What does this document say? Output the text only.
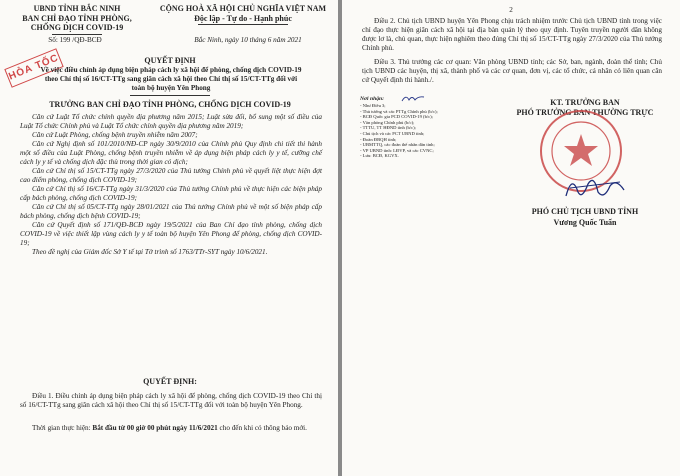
UBND TỈNH BẮC NINH
BAN CHỈ ĐẠO TỈNH PHÒNG,
CHỐNG DỊCH COVID-19
Số: 199 /QĐ-BCĐ
CỘNG HOÀ XÃ HỘI CHỦ NGHĨA VIỆT NAM
Độc lập - Tự do - Hạnh phúc
Bắc Ninh, ngày 10 tháng 6 năm 2021
HỎA TỐC	QUYẾT ĐỊNH
Về việc điều chỉnh áp dụng biện pháp cách ly xã hội để phòng, chống dịch COVID-19 theo Chỉ thị số 16/CT-TTg sang giãn cách xã hội theo Chỉ thị số 15/CT-TTg đối với toàn bộ huyện Yên Phong
TRƯỞNG BAN CHỈ ĐẠO TỈNH PHÒNG, CHỐNG DỊCH COVID-19
Căn cứ Luật Tổ chức chính quyền địa phương năm 2015; Luật sửa đổi, bổ sung một số điều của Luật Tổ chức Chính phủ và Luật Tổ chức chính quyền địa phương năm 2019;
Căn cứ Luật Phòng, chống bệnh truyền nhiễm năm 2007;
Căn cứ Nghị định số 101/2010/NĐ-CP ngày 30/9/2010 của Chính phủ Quy định chi tiết thi hành một số điều của Luật Phòng, chống bệnh truyền nhiễm về áp dụng biện pháp cách ly y tế, cưỡng chế cách ly y tế và chống dịch đặc thù trong thời gian có dịch;
Căn cứ Chỉ thị số 15/CT-TTg ngày 27/3/2020 của Thủ tướng Chính phủ về quyết liệt thực hiện đợt cao điểm phòng, chống dịch COVID-19;
Căn cứ Chỉ thị số 16/CT-TTg ngày 31/3/2020 của Thủ tướng Chính phủ về thực hiện các biện pháp cấp bách phòng, chống dịch COVID-19;
Căn cứ Chỉ thị số 05/CT-TTg ngày 28/01/2021 của Thủ tướng Chính phủ về một số biện pháp cấp bách phòng, chống dịch bệnh COVID-19;
Căn cứ Quyết định số 171/QĐ-BCĐ ngày 19/5/2021 của Ban Chỉ đạo tỉnh phòng, chống dịch COVID-19 về việc thiết lập vùng cách ly y tế toàn bộ huyện Yên Phong để phòng, chống dịch COVID-19;
Theo đề nghị của Giám đốc Sở Y tế tại Tờ trình số 1763/TTr-SYT ngày 10/6/2021.
QUYẾT ĐỊNH:
Điều 1. Điều chỉnh áp dụng biện pháp cách ly xã hội để phòng, chống dịch COVID-19 theo Chỉ thị số 16/CT-TTg sang giãn cách xã hội theo Chỉ thị số 15/CT-TTg đối với toàn bộ huyện Yên Phong.
Thời gian thực hiện: Bắt đầu từ 00 giờ 00 phút ngày 11/6/2021 cho đến khi có thông báo mới.
2
Điều 2. Chủ tịch UBND huyện Yên Phong chịu trách nhiệm trước Chủ tịch UBND tỉnh trong việc chỉ đạo thực hiện giãn cách xã hội tại địa bàn quản lý theo quy định. Tuyên truyền người dân không được lơ là, chủ quan, thực hiện nghiêm theo đúng Chỉ thị số 15/CT-TTg ngày 27/3/2020 của Thủ tướng Chính phủ.
Điều 3. Thủ trưởng các cơ quan: Văn phòng UBND tỉnh; các Sở, ban, ngành, đoàn thể tỉnh; Chủ tịch UBND các huyện, thị xã, thành phố và các cơ quan, đơn vị, các tổ chức, cá nhân có liên quan căn cứ Quyết định thi hành./.
Nơi nhận:
- Như Điều 3;
- Thủ tướng và các PTTg Chính phủ (b/c);
- BCĐ Quốc gia PCD COVID-19 (b/c);
- Văn phòng Chính phủ (b/c);
- TTTU, TT HĐND tỉnh (b/c);
- Chủ tịch và các PCT UBND tỉnh;
- Đoàn ĐBQH tỉnh;
- UBMTTQ, các đoàn thể nhân dân tỉnh;
- VP UBND tỉnh: LĐVP, và các CVNC;
- Lưu: BCĐ, KGVX.
KT. TRƯỞNG BAN
PHÓ TRƯỞNG BAN THƯỜNG TRỰC
PHÓ CHỦ TỊCH UBND TỈNH
Vương Quốc Tuấn
